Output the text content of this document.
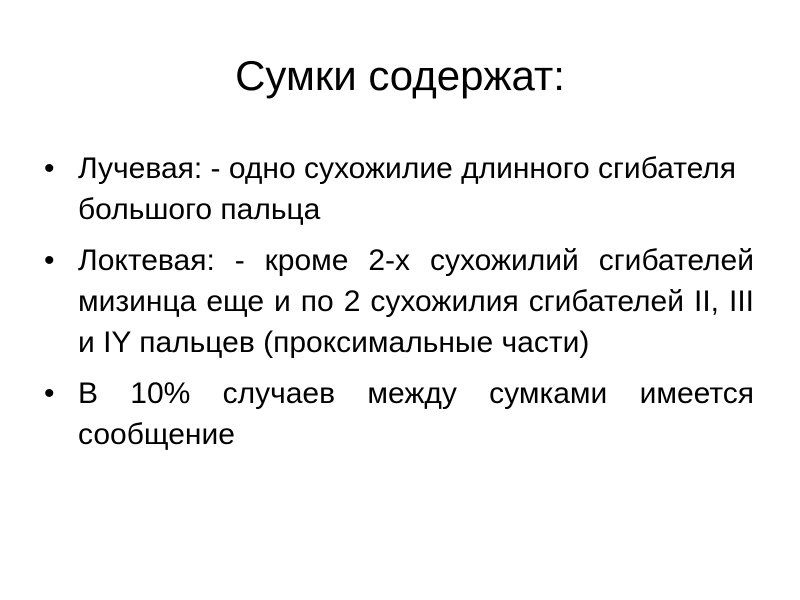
Сумки содержат:
• Лучевая: - одно сухожилие длинного сгибателя большого пальца
• Локтевая: - кроме 2-х сухожилий сгибателей мизинца еще и по 2 сухожилия сгибателей II, III и IY пальцев (проксимальные части)
• В 10% случаев между сумками имеется сообщение
